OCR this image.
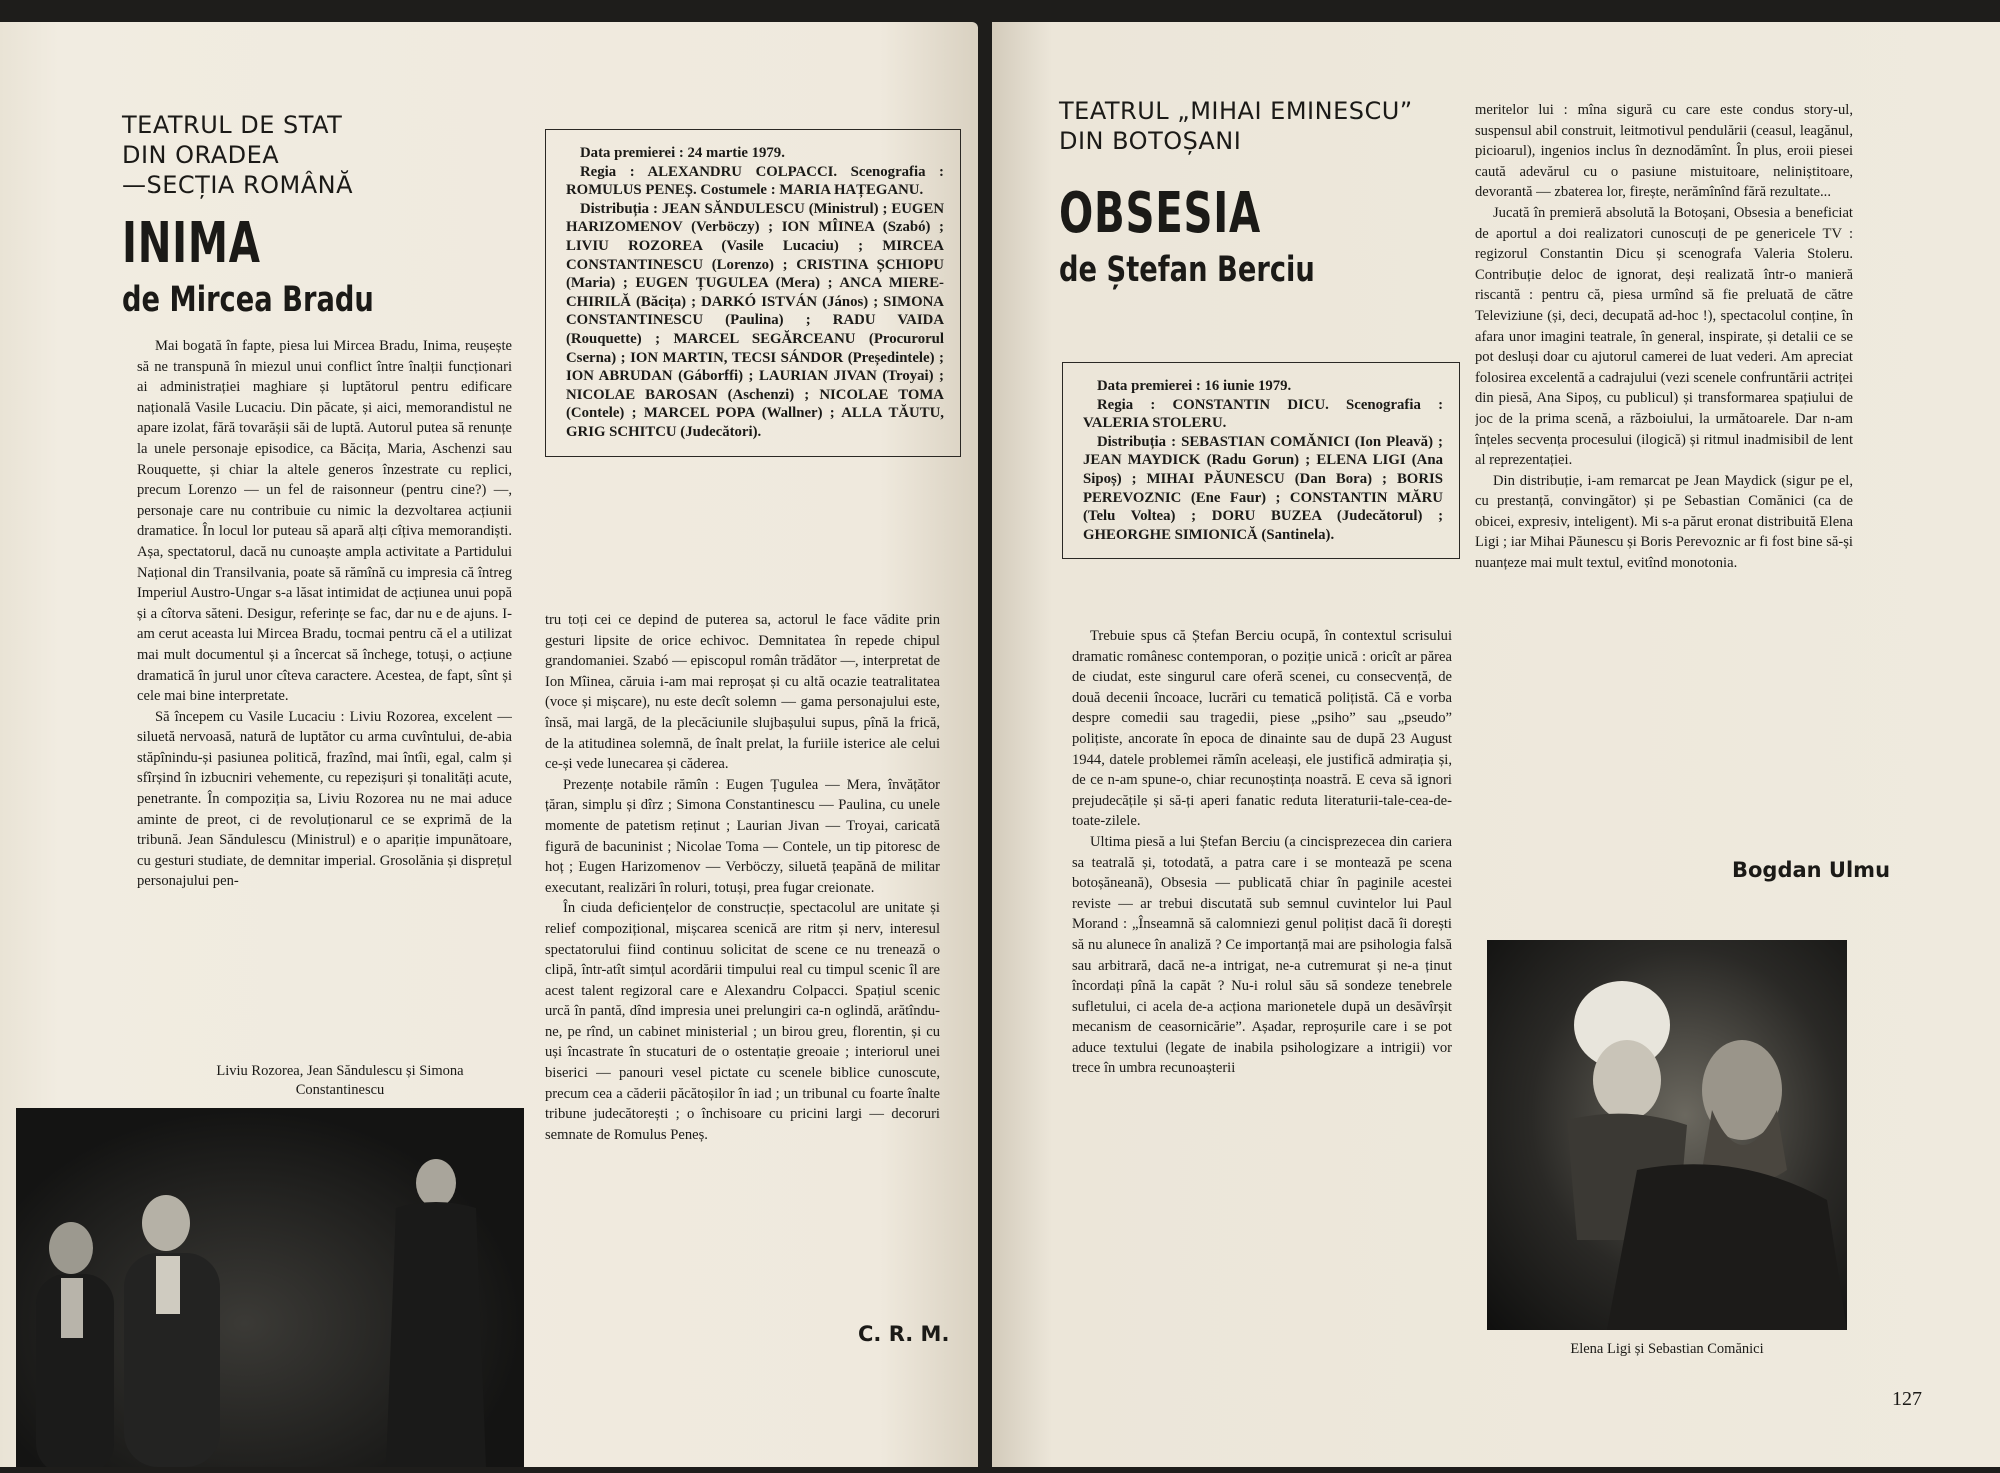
TEATRUL DE STAT

DIN ORADEA

—SECȚIA ROMÂNĂ

INIMA

de Mircea Bradu

Mai bogată în fapte, piesa lui Mircea Bradu, Inima, reușește să ne transpună în miezul unui conflict între înalții funcționari ai administrației maghiare și luptătorul pentru edificare națională Vasile Lucaciu. Din păcate, și aici, memorandistul ne apare izolat, fără tovarășii săi de luptă. Autorul putea să renunțe la unele personaje episodice, ca Băcița, Maria, Aschenzi sau Rouquette, și chiar la altele generos înzestrate cu replici, precum Lorenzo — un fel de raisonneur (pentru cine?) —, personaje care nu contribuie cu nimic la dezvoltarea acțiunii dramatice. În locul lor puteau să apară alți cîțiva memorandiști. Așa, spectatorul, dacă nu cunoaște ampla activitate a Partidului Național din Transilvania, poate să rămînă cu impresia că întreg Imperiul Austro-Ungar s-a lăsat intimidat de acțiunea unui popă și a cîtorva săteni. Desigur, referințe se fac, dar nu e de ajuns. I-am cerut aceasta lui Mircea Bradu, tocmai pentru că el a utilizat mai mult documentul și a încercat să închege, totuși, o acțiune dramatică în jurul unor cîteva caractere. Acestea, de fapt, sînt și cele mai bine interpretate.

Să începem cu Vasile Lucaciu : Liviu Rozorea, excelent — siluetă nervoasă, natură de luptător cu arma cuvîntului, de-abia stăpînindu-și pasiunea politică, frazînd, mai întîi, egal, calm și sfîrșind în izbucniri vehemente, cu repezișuri și tonalități acute, penetrante. În compoziția sa, Liviu Rozorea nu ne mai aduce aminte de preot, ci de revoluționarul ce se exprimă de la tribună. Jean Săndulescu (Ministrul) e o apariție impunătoare, cu gesturi studiate, de demnitar imperial. Grosolănia și disprețul personajului pen-

Liviu Rozorea, Jean Săndulescu și Simona Constantinescu

Data premierei : 24 martie 1979.

Regia : ALEXANDRU COLPACCI. Scenografia : ROMULUS PENEȘ. Costumele : MARIA HAȚEGANU.

Distribuția : JEAN SĂNDULESCU (Ministrul) ; EUGEN HARIZOMENOV (Verböczy) ; ION MÎINEA (Szabó) ; LIVIU ROZOREA (Vasile Lucaciu) ; MIRCEA CONSTANTINESCU (Lorenzo) ; CRISTINA ȘCHIOPU (Maria) ; EUGEN ȚUGULEA (Mera) ; ANCA MIERE-CHIRILĂ (Băcița) ; DARKÓ ISTVÁN (János) ; SIMONA CONSTANTINESCU (Paulina) ; RADU VAIDA (Rouquette) ; MARCEL SEGĂRCEANU (Procurorul Cserna) ; ION MARTIN, TECSI SÁNDOR (Președintele) ; ION ABRUDAN (Gáborffi) ; LAURIAN JIVAN (Troyai) ; NICOLAE BAROSAN (Aschenzi) ; NICOLAE TOMA (Contele) ; MARCEL POPA (Wallner) ; ALLA TĂUTU, GRIG SCHITCU (Judecători).

tru toți cei ce depind de puterea sa, actorul le face vădite prin gesturi lipsite de orice echivoc. Demnitatea în repede chipul grandomaniei. Szabó — episcopul român trădător —, interpretat de Ion Mîinea, căruia i-am mai reproșat și cu altă ocazie teatralitatea (voce și mișcare), nu este decît solemn — gama personajului este, însă, mai largă, de la plecăciunile slujbașului supus, pînă la frică, de la atitudinea solemnă, de înalt prelat, la furiile isterice ale celui ce-și vede lunecarea și căderea.

Prezențe notabile rămîn : Eugen Țugulea — Mera, învățător țăran, simplu și dîrz ; Simona Constantinescu — Paulina, cu unele momente de patetism reținut ; Laurian Jivan — Troyai, caricată figură de bacuninist ; Nicolae Toma — Contele, un tip pitoresc de hoț ; Eugen Harizomenov — Verböczy, siluetă țeapănă de militar executant, realizări în roluri, totuși, prea fugar creionate.

În ciuda deficiențelor de construcție, spectacolul are unitate și relief compozițional, mișcarea scenică are ritm și nerv, interesul spectatorului fiind continuu solicitat de scene ce nu trenează o clipă, într-atît simțul acordării timpului real cu timpul scenic îl are acest talent regizoral care e Alexandru Colpacci. Spațiul scenic urcă în pantă, dînd impresia unei prelungiri ca-n oglindă, arătîndu-ne, pe rînd, un cabinet ministerial ; un birou greu, florentin, și cu uși încastrate în stucaturi de o ostentație greoaie ; interiorul unei biserici — panouri vesel pictate cu scenele biblice cunoscute, precum cea a căderii păcătoșilor în iad ; un tribunal cu foarte înalte tribune judecătorești ; o închisoare cu pricini largi — decoruri semnate de Romulus Peneș.

C. R. M.

TEATRUL „MIHAI EMINESCU”

DIN BOTOȘANI

OBSESIA

de Ștefan Berciu

Data premierei : 16 iunie 1979.

Regia : CONSTANTIN DICU. Scenografia : VALERIA STOLERU.

Distribuția : SEBASTIAN COMĂNICI (Ion Pleavă) ; JEAN MAYDICK (Radu Gorun) ; ELENA LIGI (Ana Sipoș) ; MIHAI PĂUNESCU (Dan Bora) ; BORIS PEREVOZNIC (Ene Faur) ; CONSTANTIN MĂRU (Telu Voltea) ; DORU BUZEA (Judecătorul) ; GHEORGHE SIMIONICĂ (Santinela).

Trebuie spus că Ștefan Berciu ocupă, în contextul scrisului dramatic românesc contemporan, o poziție unică : oricît ar părea de ciudat, este singurul care oferă scenei, cu consecvență, de două decenii încoace, lucrări cu tematică polițistă. Că e vorba despre comedii sau tragedii, piese „psiho” sau „pseudo” polițiste, ancorate în epoca de dinainte sau de după 23 August 1944, datele problemei rămîn aceleași, ele justifică admirația și, de ce n-am spune-o, chiar recunoștința noastră. E ceva să ignori prejudecățile și să-ți aperi fanatic reduta literaturii-tale-cea-de-toate-zilele.

Ultima piesă a lui Ștefan Berciu (a cincisprezecea din cariera sa teatrală și, totodată, a patra care i se montează pe scena botoșăneană), Obsesia — publicată chiar în paginile acestei reviste — ar trebui discutată sub semnul cuvintelor lui Paul Morand : „Înseamnă să calomniezi genul polițist dacă îi dorești să nu alunece în analiză ? Ce importanță mai are psihologia falsă sau arbitrară, dacă ne-a intrigat, ne-a cutremurat și ne-a ținut încordați pînă la capăt ? Nu-i rolul său să sondeze tenebrele sufletului, ci acela de-a acționa marionetele după un desăvîrșit mecanism de ceasornicărie”. Așadar, reproșurile care i se pot aduce textului (legate de inabila psihologizare a intrigii) vor trece în umbra recunoașterii

meritelor lui : mîna sigură cu care este condus story-ul, suspensul abil construit, leitmotivul pendulării (ceasul, leagănul, picioarul), ingenios inclus în deznodămînt. În plus, eroii piesei caută adevărul cu o pasiune mistuitoare, neliniștitoare, devorantă — zbaterea lor, firește, nerămînînd fără rezultate...

Jucată în premieră absolută la Botoșani, Obsesia a beneficiat de aportul a doi realizatori cunoscuți de pe genericele TV : regizorul Constantin Dicu și scenografa Valeria Stoleru. Contribuție deloc de ignorat, deși realizată într-o manieră riscantă : pentru că, piesa urmînd să fie preluată de către Televiziune (și, deci, decupată ad-hoc !), spectacolul conține, în afara unor imagini teatrale, în general, inspirate, și detalii ce se pot desluși doar cu ajutorul camerei de luat vederi. Am apreciat folosirea excelentă a cadrajului (vezi scenele confruntării actriței din piesă, Ana Sipoș, cu publicul) și transformarea spațiului de joc de la prima scenă, a războiului, la următoarele. Dar n-am înțeles secvența procesului (ilogică) și ritmul inadmisibil de lent al reprezentației.

Din distribuție, i-am remarcat pe Jean Maydick (sigur pe el, cu prestanță, convingător) și pe Sebastian Comănici (ca de obicei, expresiv, inteligent). Mi s-a părut eronat distribuită Elena Ligi ; iar Mihai Păunescu și Boris Perevoznic ar fi fost bine să-și nuanțeze mai mult textul, evitînd monotonia.

Bogdan Ulmu
Elena Ligi și Sebastian Comănici
127
